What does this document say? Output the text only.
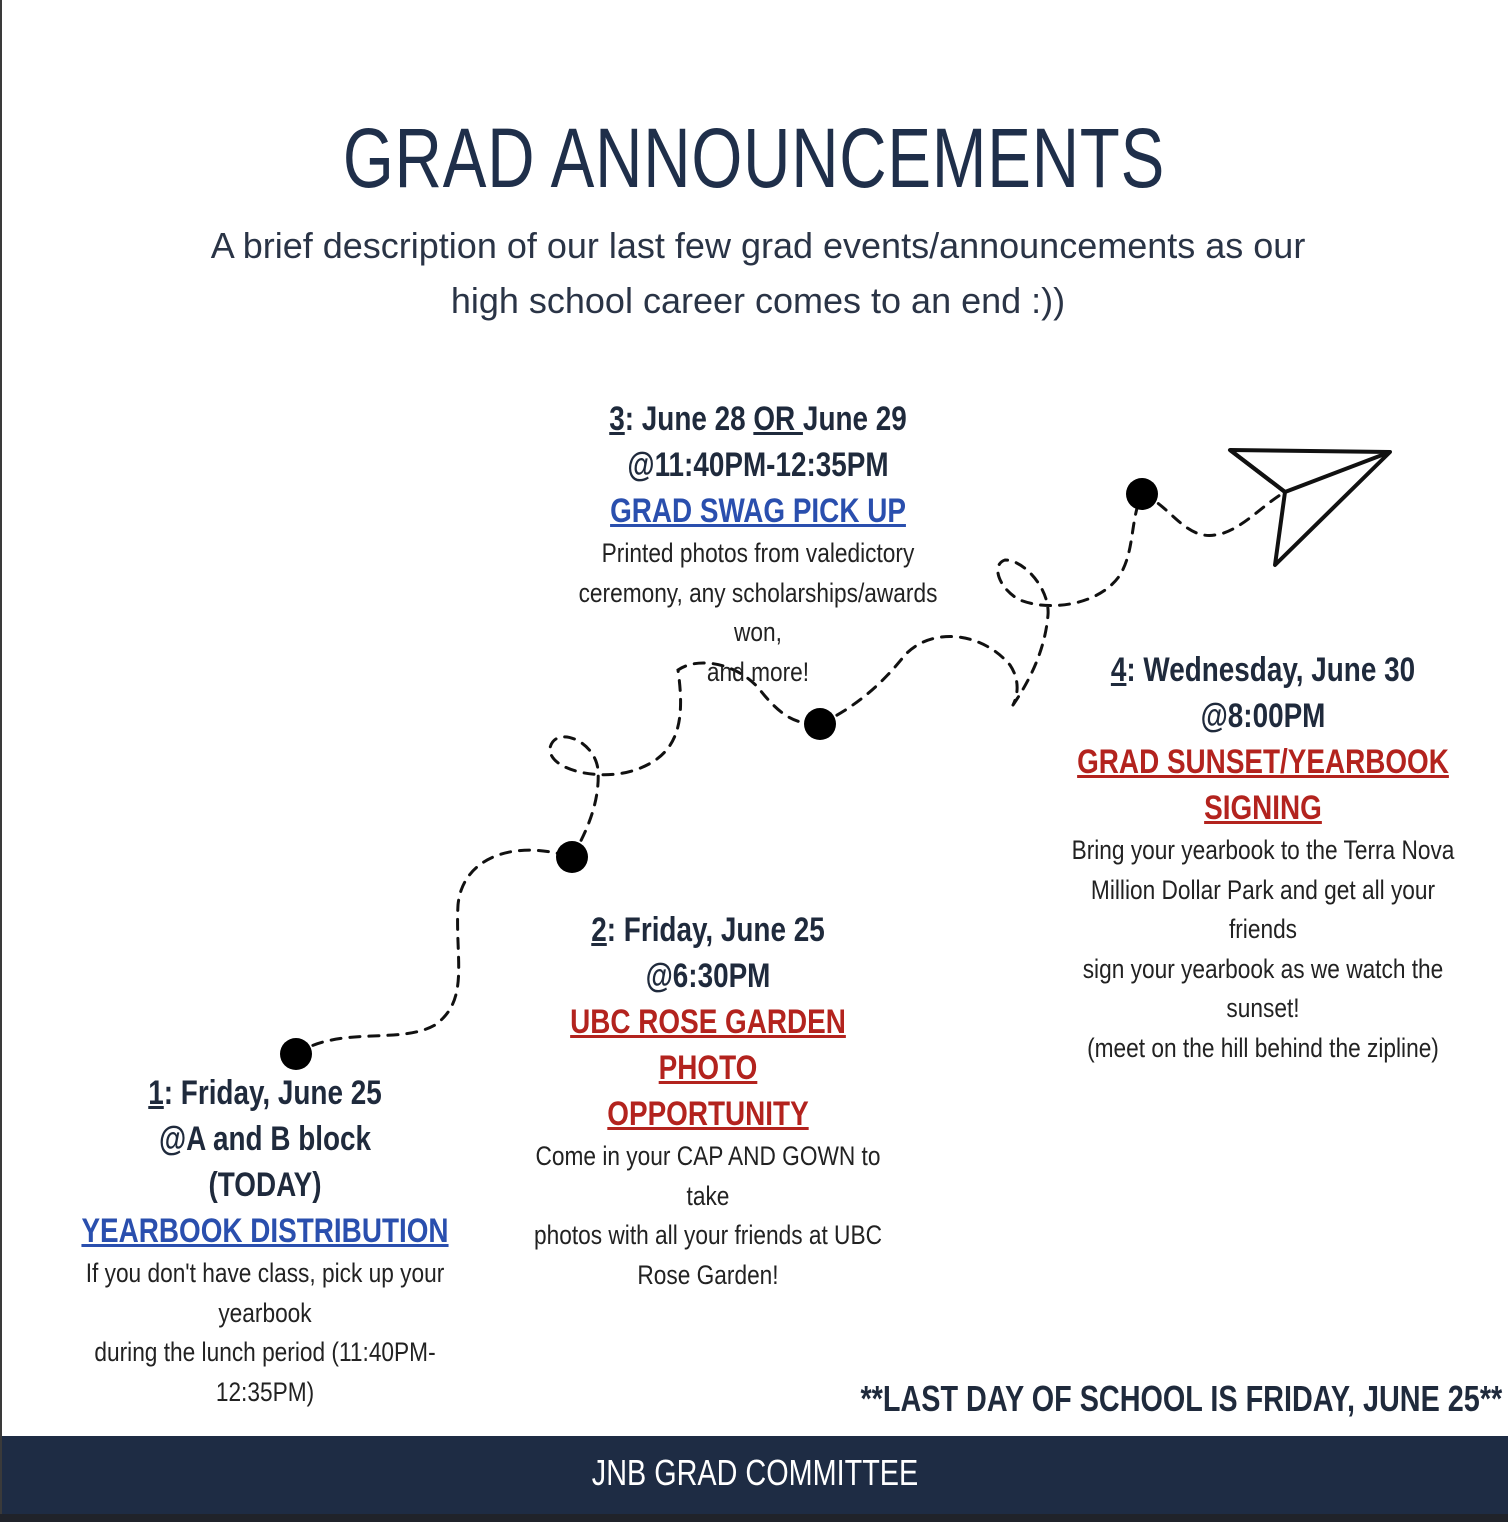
GRAD ANNOUNCEMENTS
A brief description of our last few grad events/announcements as our
high school career comes to an end :))
3: June 28 OR June 29
@11:40PM-12:35PM
GRAD SWAG PICK UP
Printed photos from valedictory
ceremony, any scholarships/awards won,
and more!	4: Wednesday, June 30
@8:00PM
GRAD SUNSET/YEARBOOK
SIGNING
Bring your yearbook to the Terra Nova
Million Dollar Park and get all your friends
sign your yearbook as we watch the sunset!
(meet on the hill behind the zipline)
2: Friday, June 25 @6:30PM
UBC ROSE GARDEN PHOTO
OPPORTUNITY
Come in your CAP AND GOWN to take
photos with all your friends at UBC
Rose Garden!
1: Friday, June 25
@A and B block
(TODAY)
YEARBOOK DISTRIBUTION
If you don't have class, pick up your yearbook
during the lunch period (11:40PM-12:35PM)	**LAST DAY OF SCHOOL IS FRIDAY, JUNE 25**
JNB GRAD COMMITTEE
